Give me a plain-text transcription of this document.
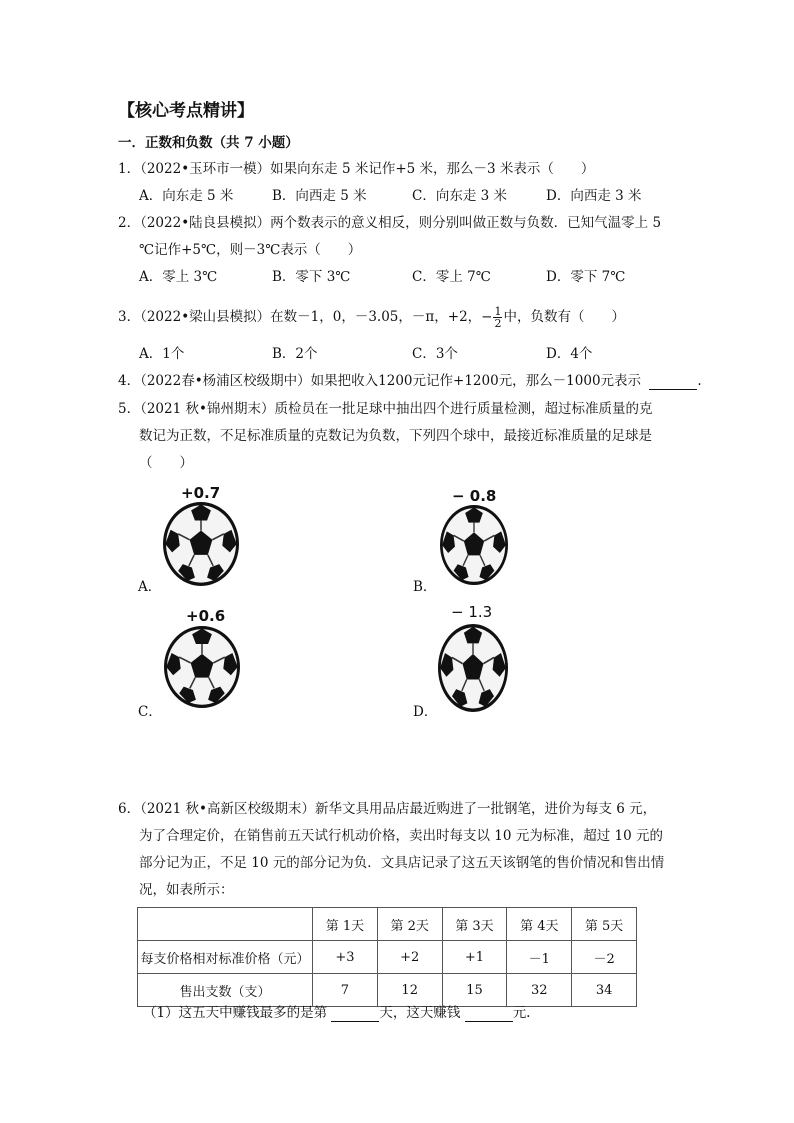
【核心考点精讲】
一．正数和负数（共 7 小题）
1．（2022•玉环市一模）如果向东走 5 米记作+5 米，那么－3 米表示（　　）
A．向东走 5 米	B．向西走 5 米	C．向东走 3 米	D．向西走 3 米
2．（2022•陆良县模拟）两个数表示的意义相反，则分别叫做正数与负数．已知气温零上 5
℃记作+5℃，则－3℃表示（　　）
A．零上 3℃	B．零下 3℃	C．零上 7℃	D．零下 7℃
3．（2022•梁山县模拟）在数－1，0，－3.05，－π，+2，− $\frac{1}{2}$ 中，负数有（　　）
A．1个	B．2个	C．3个	D．4个
4．（2022春•杨浦区校级期中）如果把收入1200元记作+1200元，那么－1000元表示	.
5．（2021 秋•锦州期末）质检员在一批足球中抽出四个进行质量检测，超过标准质量的克
数记为正数，不足标准质量的克数记为负数，下列四个球中，最接近标准质量的足球是
（　　）
+0.7
A．
− 0.8
B．
+0.6
C．
− 1.3
D．
6．（2021 秋•高新区校级期末）新华文具用品店最近购进了一批钢笔，进价为每支 6 元，
为了合理定价，在销售前五天试行机动价格，卖出时每支以 10 元为标准，超过 10 元的
部分记为正，不足 10 元的部分记为负．文具店记录了这五天该钢笔的售价情况和售出情
况，如表所示：
	第 1天	第 2天	第 3天	第 4天	第 5天
每支价格相对标准价格（元）	+3	+2	+1	－1	－2
售出支数（支）	7	12	15	32	34
（1）这五天中赚钱最多的是第	天，这天赚钱	元.
